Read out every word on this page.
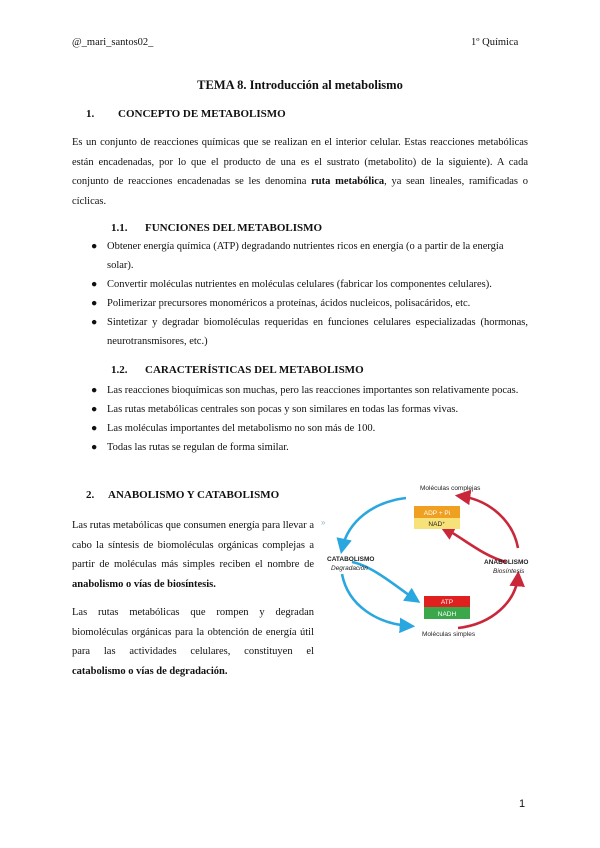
@_mari_santos02_	1º Química
TEMA 8. Introducción al metabolismo
1. CONCEPTO DE METABOLISMO
Es un conjunto de reacciones químicas que se realizan en el interior celular. Estas reacciones metabólicas están encadenadas, por lo que el producto de una es el sustrato (metabolito) de la siguiente). A cada conjunto de reacciones encadenadas se les denomina ruta metabólica, ya sean lineales, ramificadas o cíclicas.
1.1. FUNCIONES DEL METABOLISMO
● Obtener energía química (ATP) degradando nutrientes ricos en energía (o a partir de la energía solar).
● Convertir moléculas nutrientes en moléculas celulares (fabricar los componentes celulares).
● Polimerizar precursores monoméricos a proteínas, ácidos nucleicos, polisacáridos, etc.
● Sintetizar y degradar biomoléculas requeridas en funciones celulares especializadas (hormonas, neurotransmisores, etc.)
1.2. CARACTERÍSTICAS DEL METABOLISMO
● Las reacciones bioquímicas son muchas, pero las reacciones importantes son relativamente pocas.
● Las rutas metabólicas centrales son pocas y son similares en todas las formas vivas.
● Las moléculas importantes del metabolismo no son más de 100.
● Todas las rutas se regulan de forma similar.
2. ANABOLISMO Y CATABOLISMO
Las rutas metabólicas que consumen energía para llevar a cabo la síntesis de biomoléculas orgánicas complejas a partir de moléculas más simples reciben el nombre de anabolismo o vías de biosíntesis.
Las rutas metabólicas que rompen y degradan biomoléculas orgánicas para la obtención de energía útil para las actividades celulares, constituyen el catabolismo o vías de degradación.
»
Moléculas complejas
Moléculas simples
ADP + Pi
NAD⁺
ATP
NADH
CATABOLISMO
Degradación
ANABOLISMO
Biosíntesis
1
